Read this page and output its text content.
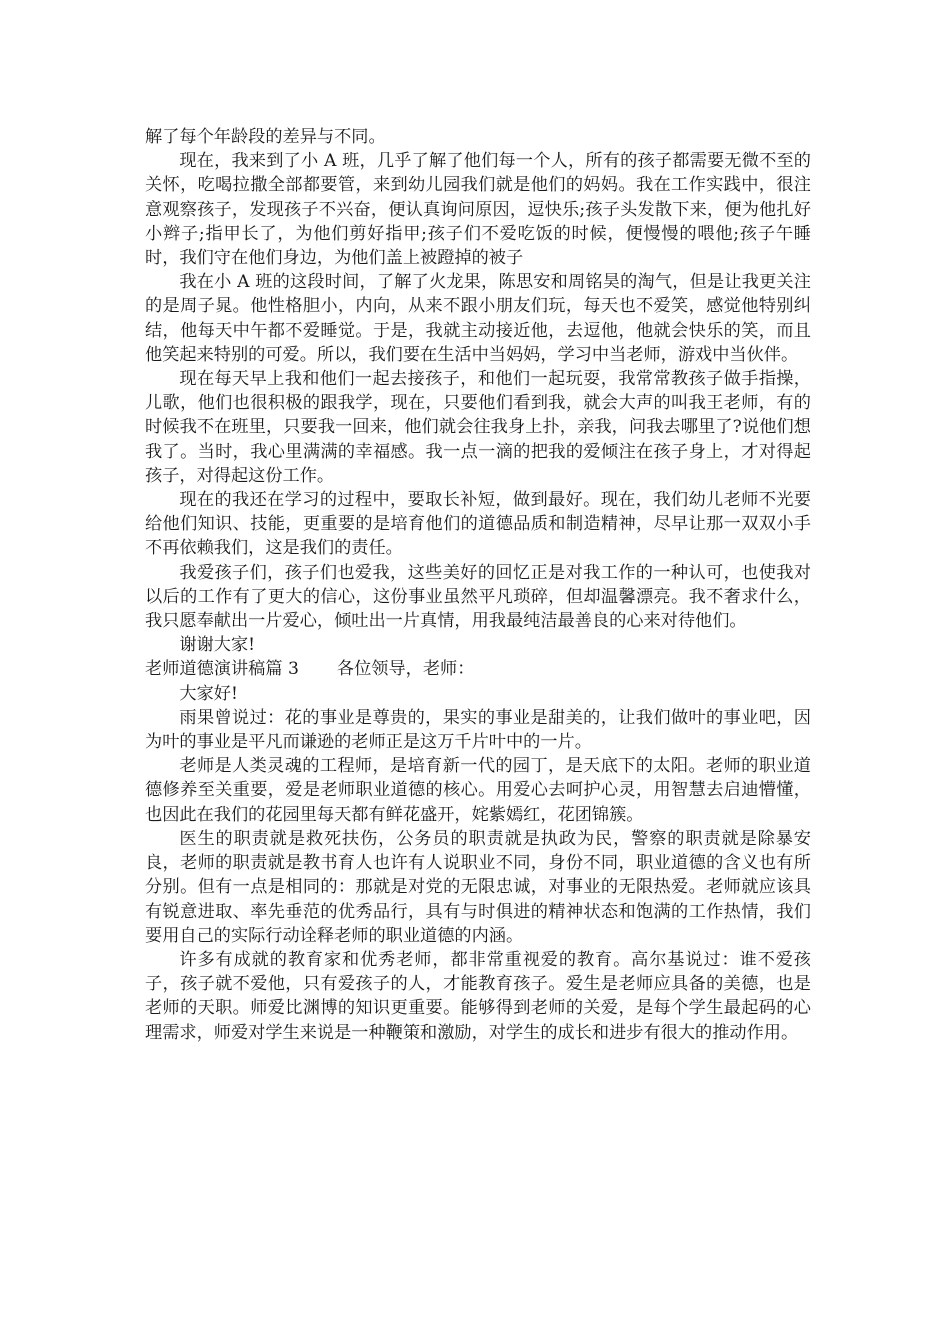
解了每个年龄段的差异与不同。

现在，我来到了小 A 班，几乎了解了他们每一个人，所有的孩子都需要无微不至的关怀，吃喝拉撒全部都要管，来到幼儿园我们就是他们的妈妈。我在工作实践中，很注意观察孩子，发现孩子不兴奋，便认真询问原因，逗快乐;孩子头发散下来，便为他扎好小辫子;指甲长了，为他们剪好指甲;孩子们不爱吃饭的时候，便慢慢的喂他;孩子午睡时，我们守在他们身边，为他们盖上被蹬掉的被子

我在小 A 班的这段时间，了解了火龙果，陈思安和周铭昊的淘气，但是让我更关注的是周子晁。他性格胆小，内向，从来不跟小朋友们玩，每天也不爱笑，感觉他特别纠结，他每天中午都不爱睡觉。于是，我就主动接近他，去逗他，他就会快乐的笑，而且他笑起来特别的可爱。所以，我们要在生活中当妈妈，学习中当老师，游戏中当伙伴。

现在每天早上我和他们一起去接孩子，和他们一起玩耍，我常常教孩子做手指操，儿歌，他们也很积极的跟我学，现在，只要他们看到我，就会大声的叫我王老师，有的时候我不在班里，只要我一回来，他们就会往我身上扑，亲我，问我去哪里了?说他们想我了。当时，我心里满满的幸福感。我一点一滴的把我的爱倾注在孩子身上，才对得起孩子，对得起这份工作。

现在的我还在学习的过程中，要取长补短，做到最好。现在，我们幼儿老师不光要给他们知识、技能，更重要的是培育他们的道德品质和制造精神，尽早让那一双双小手不再依赖我们，这是我们的责任。

我爱孩子们，孩子们也爱我，这些美好的回忆正是对我工作的一种认可，也使我对以后的工作有了更大的信心，这份事业虽然平凡琐碎，但却温馨漂亮。我不奢求什么，我只愿奉献出一片爱心，倾吐出一片真情，用我最纯洁最善良的心来对待他们。

谢谢大家!

老师道德演讲稿篇 3 各位领导，老师：

大家好!

雨果曾说过：花的事业是尊贵的，果实的事业是甜美的，让我们做叶的事业吧，因为叶的事业是平凡而谦逊的老师正是这万千片叶中的一片。

老师是人类灵魂的工程师，是培育新一代的园丁，是天底下的太阳。老师的职业道德修养至关重要，爱是老师职业道德的核心。用爱心去呵护心灵，用智慧去启迪懵懂，也因此在我们的花园里每天都有鲜花盛开，姹紫嫣红，花团锦簇。

医生的职责就是救死扶伤，公务员的职责就是执政为民，警察的职责就是除暴安良，老师的职责就是教书育人也许有人说职业不同，身份不同，职业道德的含义也有所分别。但有一点是相同的：那就是对党的无限忠诚，对事业的无限热爱。老师就应该具有锐意进取、率先垂范的优秀品行，具有与时俱进的精神状态和饱满的工作热情，我们要用自己的实际行动诠释老师的职业道德的内涵。

许多有成就的教育家和优秀老师，都非常重视爱的教育。高尔基说过：谁不爱孩子，孩子就不爱他，只有爱孩子的人，才能教育孩子。爱生是老师应具备的美德，也是老师的天职。师爱比渊博的知识更重要。能够得到老师的关爱，是每个学生最起码的心理需求，师爱对学生来说是一种鞭策和激励，对学生的成长和进步有很大的推动作用。
